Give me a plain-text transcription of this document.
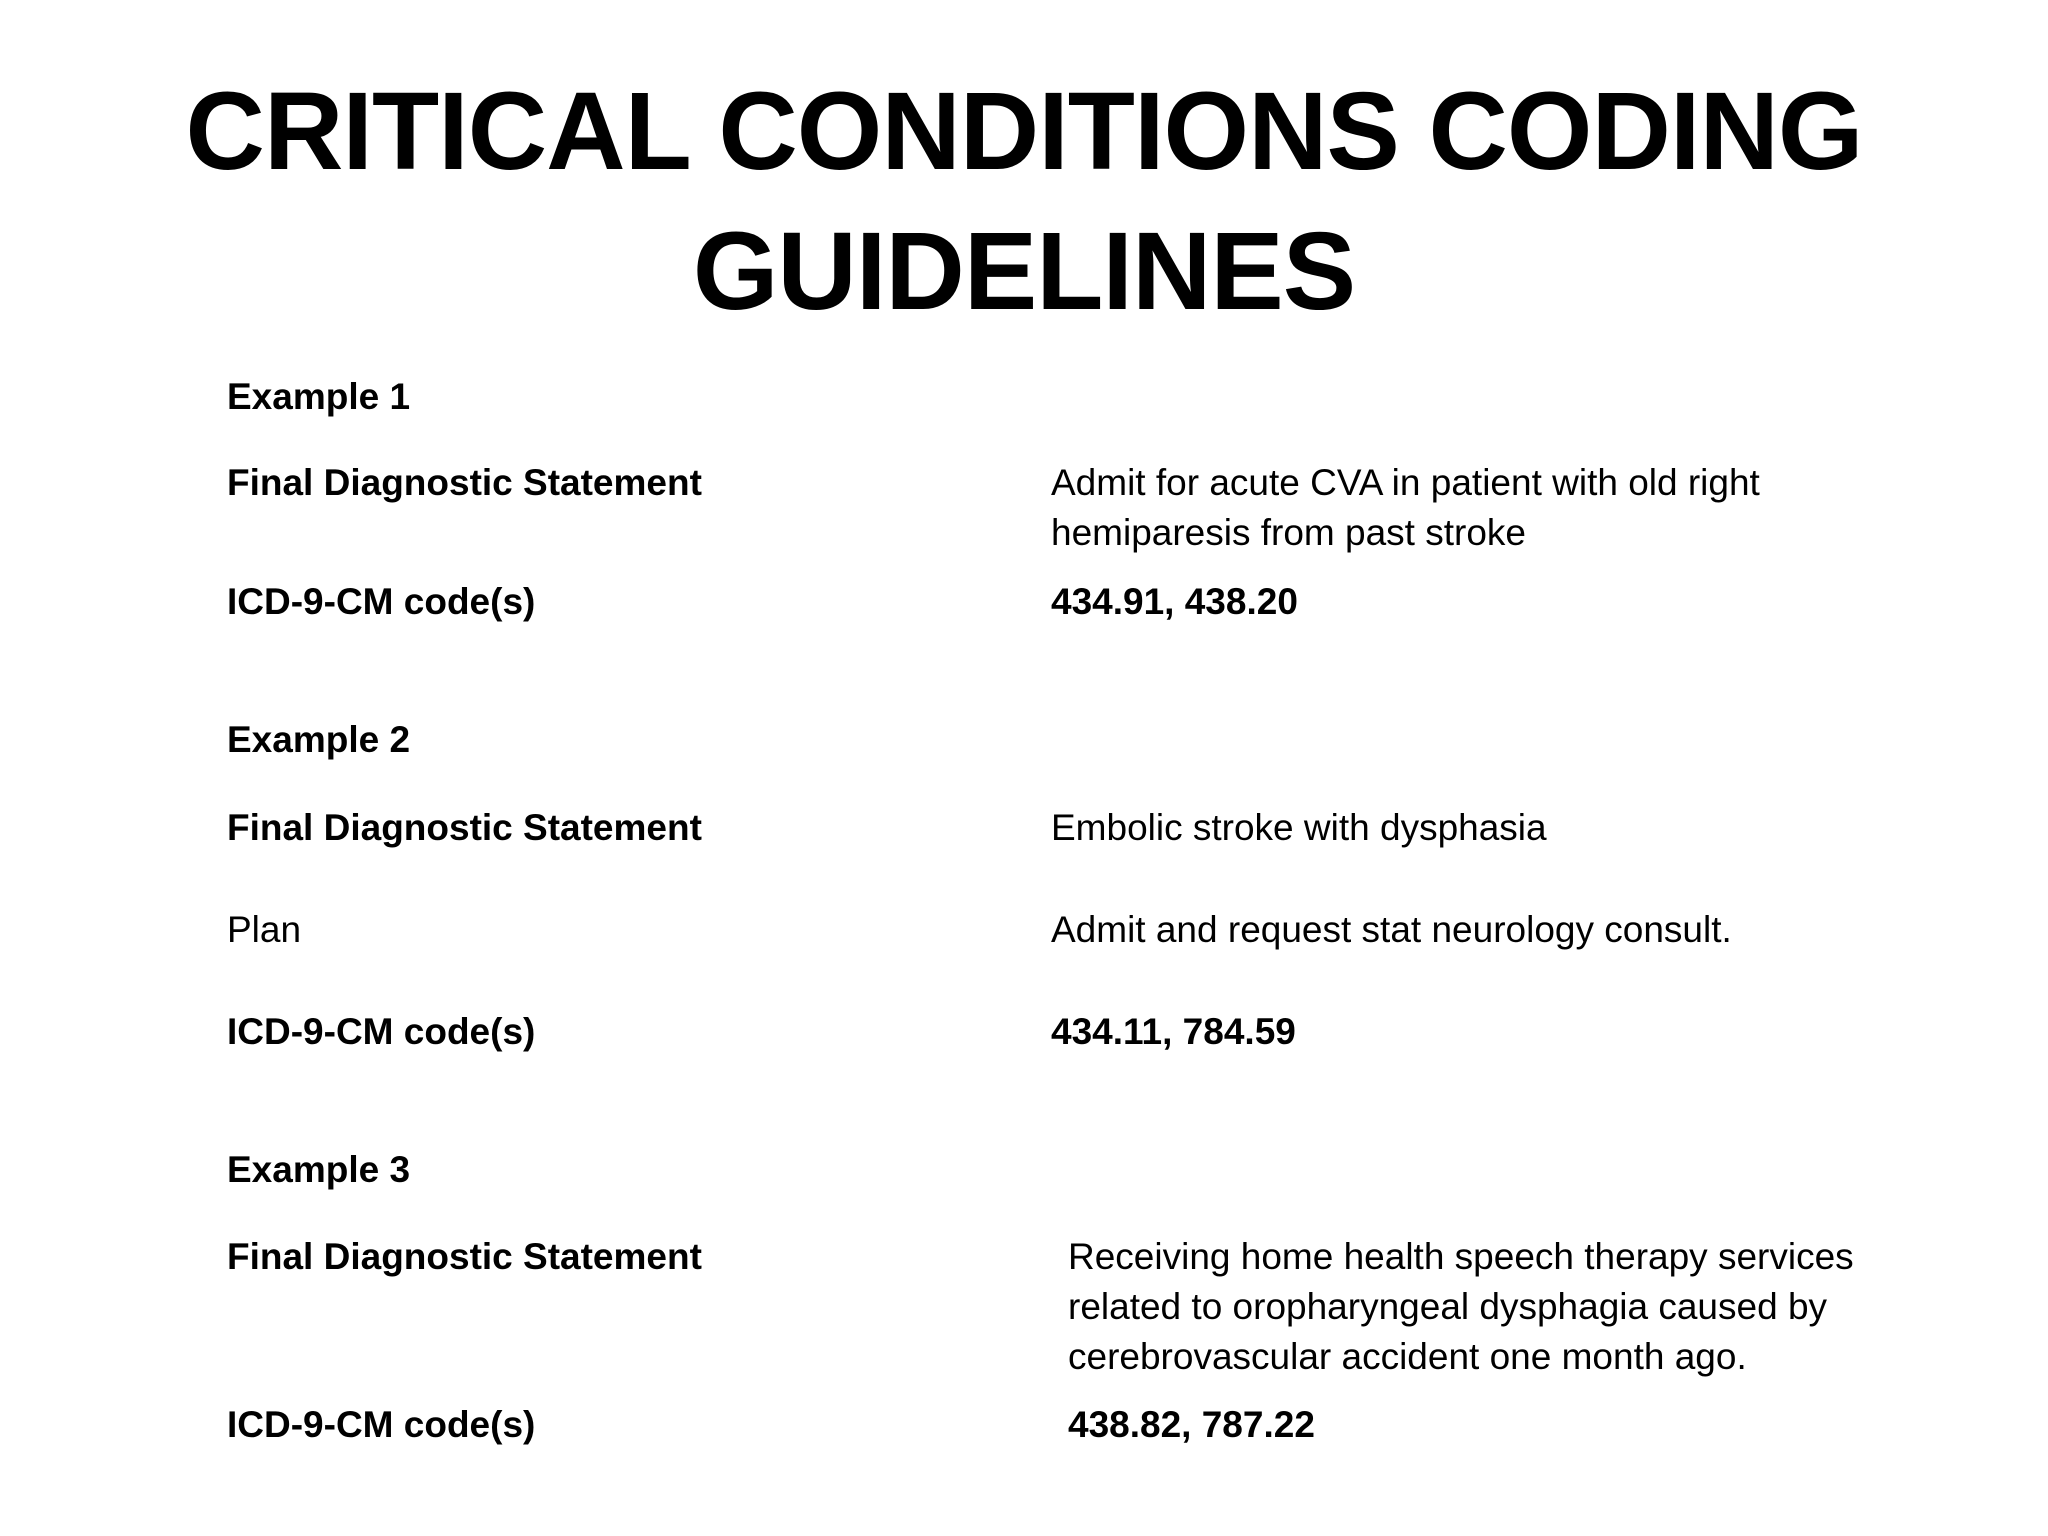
CRITICAL CONDITIONS CODING
GUIDELINES

Example 1

Final Diagnostic Statement	Admit for acute CVA in patient with old right

hemiparesis from past stroke

ICD-9-CM code(s)	434.91, 438.20

Example 2

Final Diagnostic Statement	Embolic stroke with dysphasia

Plan	Admit and request stat neurology consult.

ICD-9-CM code(s)	434.11, 784.59

Example 3

Final Diagnostic Statement	Receiving home health speech therapy services

related to oropharyngeal dysphagia caused by

cerebrovascular accident one month ago.

ICD-9-CM code(s)	438.82, 787.22
